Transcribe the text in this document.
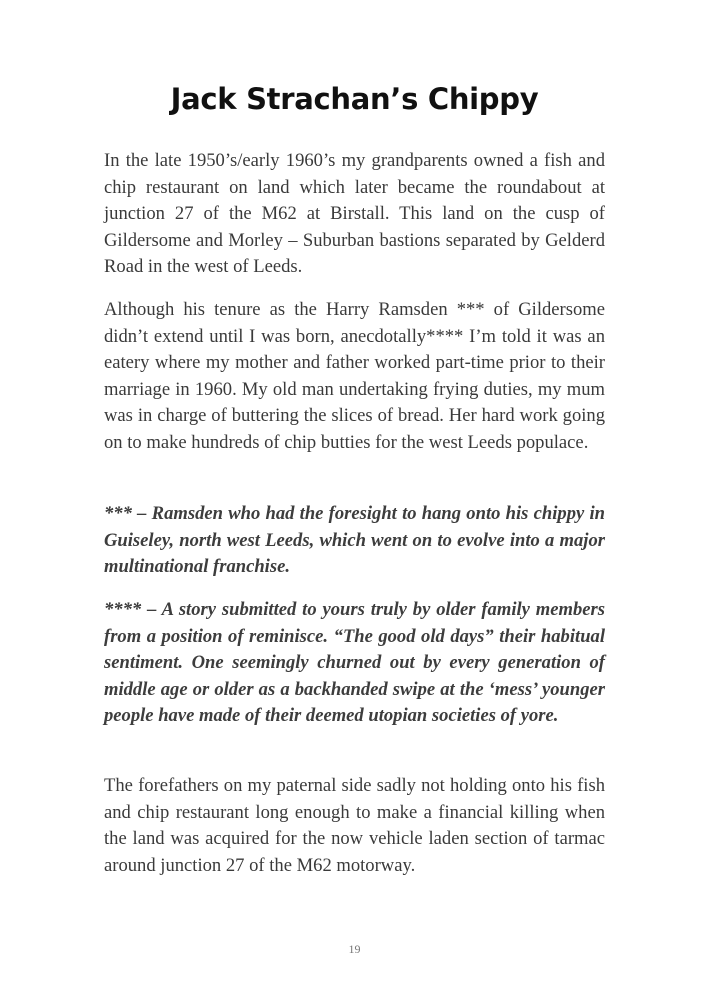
Jack Strachan’s Chippy

In the late 1950’s/early 1960’s my grandparents owned a fish and chip restaurant on land which later became the roundabout at junction 27 of the M62 at Birstall. This land on the cusp of Gildersome and Morley – Suburban bastions separated by Gelderd Road in the west of Leeds.

Although his tenure as the Harry Ramsden *** of Gildersome didn’t extend until I was born, anecdotally**** I’m told it was an eatery where my mother and father worked part-time prior to their marriage in 1960. My old man undertaking frying duties, my mum was in charge of buttering the slices of bread. Her hard work going on to make hundreds of chip butties for the west Leeds populace.

*** – Ramsden who had the foresight to hang onto his chippy in Guiseley, north west Leeds, which went on to evolve into a major multinational franchise.

**** – A story submitted to yours truly by older family members from a position of reminisce. “The good old days” their habitual sentiment. One seemingly churned out by every generation of middle age or older as a backhanded swipe at the ‘mess’ younger people have made of their deemed utopian societies of yore.

The forefathers on my paternal side sadly not holding onto his fish and chip restaurant long enough to make a financial killing when the land was acquired for the now vehicle laden section of tarmac around junction 27 of the M62 motorway.

19
